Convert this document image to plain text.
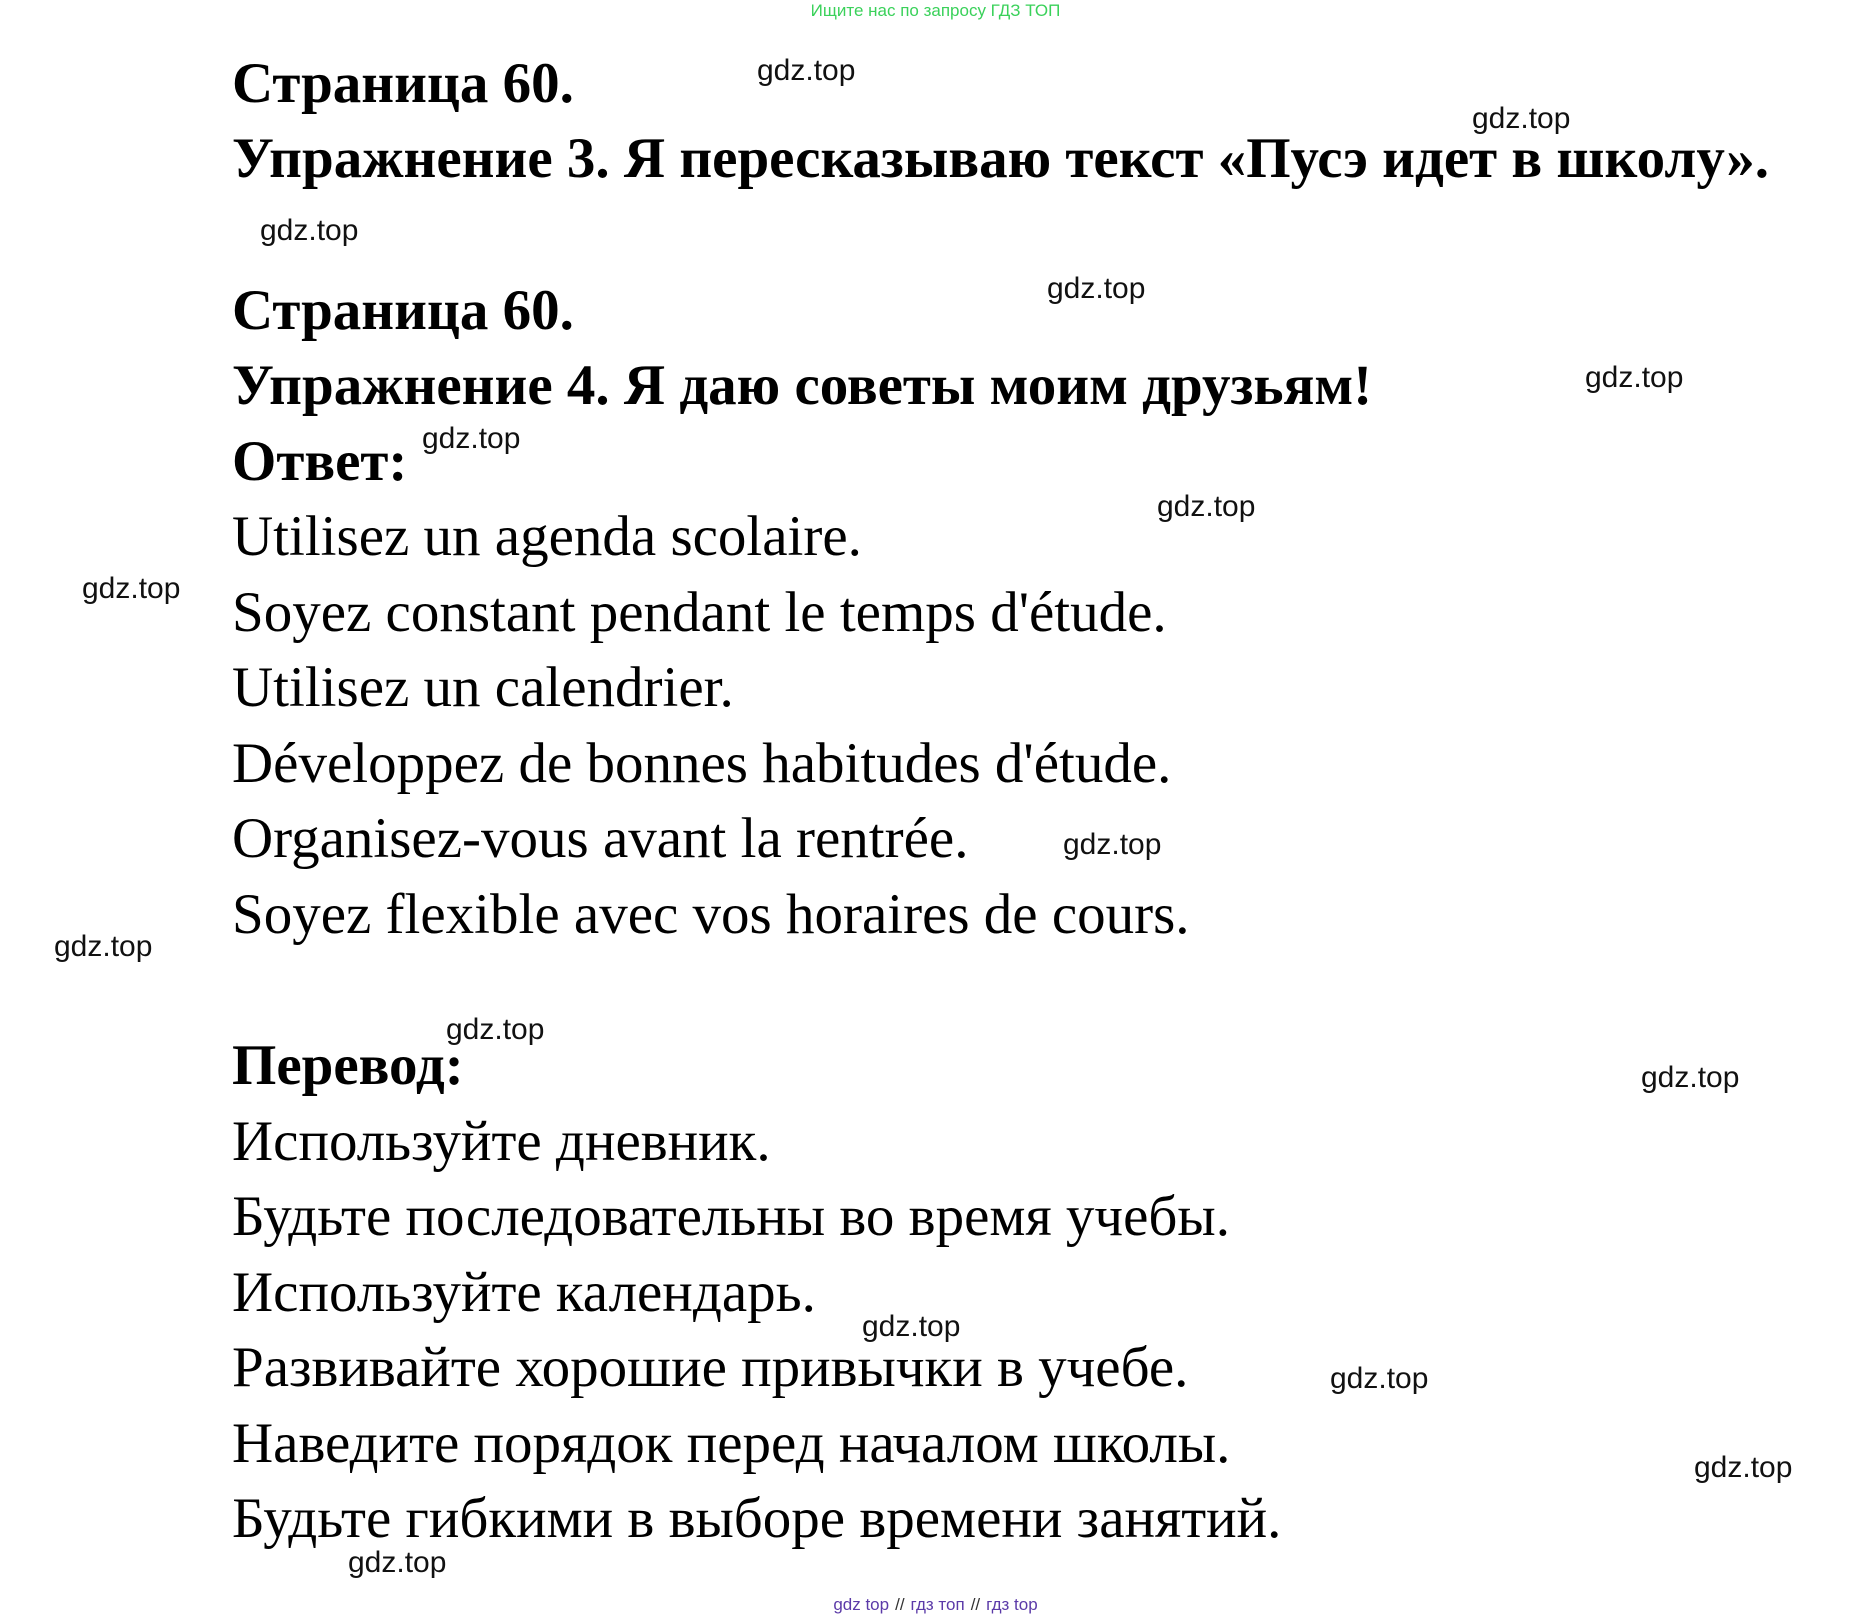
Ищите нас по запросу ГДЗ ТОП
Страница 60.
Упражнение 3. Я пересказываю текст «Пусэ идет в школу».
Страница 60.
Упражнение 4. Я даю советы моим друзьям!
Ответ:
Utilisez un agenda scolaire.
Soyez constant pendant le temps d'étude.
Utilisez un calendrier.
Développez de bonnes habitudes d'étude.
Organisez-vous avant la rentrée.
Soyez flexible avec vos horaires de cours.
Перевод:
Используйте дневник.
Будьте последовательны во время учебы.
Используйте календарь.
Развивайте хорошие привычки в учебе.
Наведите порядок перед началом школы.
Будьте гибкими в выборе времени занятий.
gdz.top
gdz.top
gdz.top
gdz.top
gdz.top
gdz.top
gdz.top
gdz.top
gdz.top
gdz.top
gdz.top
gdz.top
gdz.top
gdz.top
gdz.top
gdz.top
gdz top // гдз топ // гдз top
